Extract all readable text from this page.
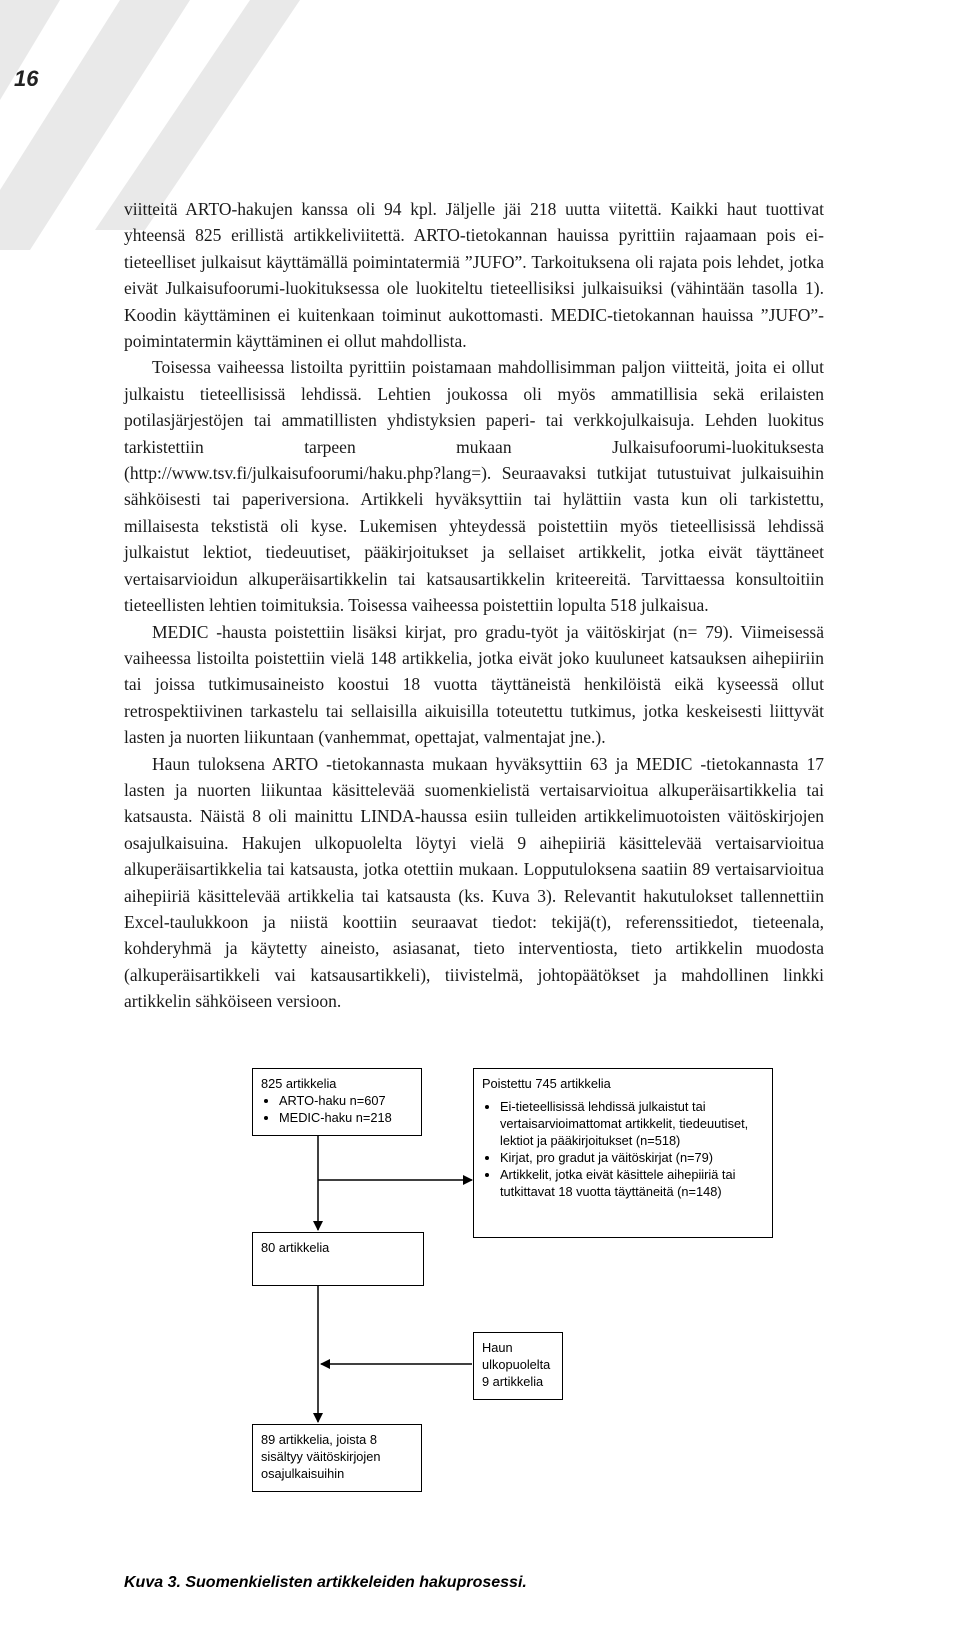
16

viitteitä ARTO-hakujen kanssa oli 94 kpl. Jäljelle jäi 218 uutta viitettä. Kaikki haut tuottivat yhteensä 825 erillistä artikkeliviitettä. ARTO-tietokannan hauissa pyrittiin rajaamaan pois ei-tieteelliset julkaisut käyttämällä poimintatermiä ”JUFO”. Tarkoituksena oli rajata pois lehdet, jotka eivät Julkaisufoorumi-luokituksessa ole luokiteltu tieteellisiksi julkaisuiksi (vähintään tasolla 1). Koodin käyttäminen ei kuitenkaan toiminut aukottomasti. MEDIC-tietokannan hauissa ”JUFO”-poimintatermin käyttäminen ei ollut mahdollista.

Toisessa vaiheessa listoilta pyrittiin poistamaan mahdollisimman paljon viitteitä, joita ei ollut julkaistu tieteellisissä lehdissä. Lehtien joukossa oli myös ammatillisia sekä erilaisten potilasjärjestöjen tai ammatillisten yhdistyksien paperi- tai verkkojulkaisuja. Lehden luokitus tarkistettiin tarpeen mukaan Julkaisufoorumi-luokituksesta (http://www.tsv.fi/julkaisufoorumi/haku.php?lang=). Seuraavaksi tutkijat tutustuivat julkaisuihin sähköisesti tai paperiversiona. Artikkeli hyväksyttiin tai hylättiin vasta kun oli tarkistettu, millaisesta tekstistä oli kyse. Lukemisen yhteydessä poistettiin myös tieteellisissä lehdissä julkaistut lektiot, tiedeuutiset, pääkirjoitukset ja sellaiset artikkelit, jotka eivät täyttäneet vertaisarvioidun alkuperäisartikkelin tai katsausartikkelin kriteereitä. Tarvittaessa konsultoitiin tieteellisten lehtien toimituksia. Toisessa vaiheessa poistettiin lopulta 518 julkaisua.

MEDIC -hausta poistettiin lisäksi kirjat, pro gradu-työt ja väitöskirjat (n= 79). Viimeisessä vaiheessa listoilta poistettiin vielä 148 artikkelia, jotka eivät joko kuuluneet katsauksen aihepiiriin tai joissa tutkimusaineisto koostui 18 vuotta täyttäneistä henkilöistä eikä kyseessä ollut retrospektiivinen tarkastelu tai sellaisilla aikuisilla toteutettu tutkimus, jotka keskeisesti liittyvät lasten ja nuorten liikuntaan (vanhemmat, opettajat, valmentajat jne.).

Haun tuloksena ARTO -tietokannasta mukaan hyväksyttiin 63 ja MEDIC -tietokannasta 17 lasten ja nuorten liikuntaa käsittelevää suomenkielistä vertaisarvioitua alkuperäisartikkelia tai katsausta. Näistä 8 oli mainittu LINDA-haussa esiin tulleiden artikkelimuotoisten väitöskirjojen osajulkaisuina. Hakujen ulkopuolelta löytyi vielä 9 aihepiiriä käsittelevää vertaisarvioitua alkuperäisartikkelia tai katsausta, jotka otettiin mukaan. Lopputuloksena saatiin 89 vertaisarvioitua aihepiiriä käsittelevää artikkelia tai katsausta (ks. Kuva 3). Relevantit hakutulokset tallennettiin Excel-taulukkoon ja niistä koottiin seuraavat tiedot: tekijä(t), referenssitiedot, tieteenala, kohderyhmä ja käytetty aineisto, asiasanat, tieto interventiosta, tieto artikkelin muodosta (alkuperäisartikkeli vai katsausartikkeli), tiivistelmä, johtopäätökset ja mahdollinen linkki artikkelin sähköiseen versioon.

825 artikkelia
• ARTO-haku n=607
• MEDIC-haku n=218
Poistettu 745 artikkelia
• Ei-tieteellisissä lehdissä julkaistut tai vertaisarvioimattomat artikkelit, tiedeuutiset, lektiot ja pääkirjoitukset (n=518)
• Kirjat, pro gradut ja väitöskirjat (n=79)
• Artikkelit, jotka eivät käsittele aihepiiriä tai tutkittavat 18 vuotta täyttäneitä (n=148)
80 artikkelia
Haun ulkopuolelta 9 artikkelia
89 artikkelia, joista 8 sisältyy väitöskirjojen osajulkaisuihin
Kuva 3. Suomenkielisten artikkeleiden hakuprosessi.
